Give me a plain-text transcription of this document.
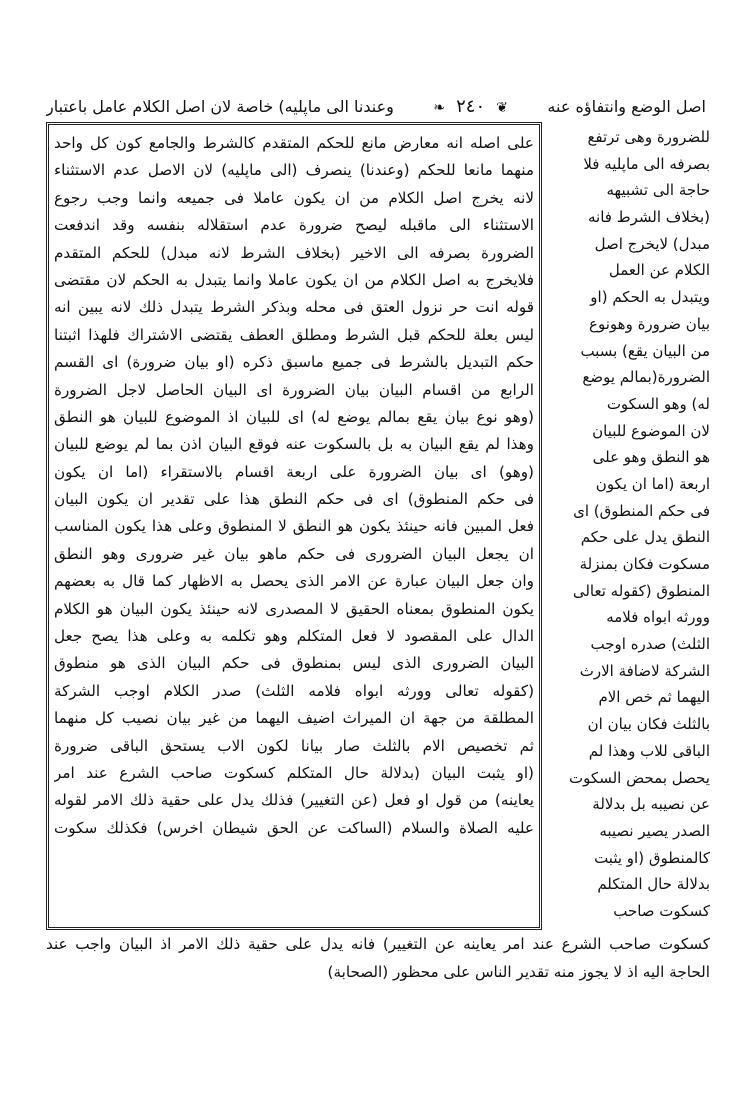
اصل الوضع وانتفاؤه عنه
❦ ٢٤٠ ❧
وعندنا الى ماپليه) خاصة لان اصل الكلام عامل باعتبار
على اصله انه معارض مانع للحكم المتقدم كالشرط والجامع كون كل واحد
منهما مانعا للحكم (وعندنا) ينصرف (الى ماپليه) لان الاصل عدم الاستثناء
لانه يخرج اصل الكلام من ان يكون عاملا فى جميعه وانما وجب رجوع
الاستثناء الى ماقبله ليصح ضرورة عدم استقلاله بنفسه وقد اندفعت
الضرورة بصرفه الى الاخير (بخلاف الشرط لانه مبدل) للحكم المتقدم
فلايخرج به اصل الكلام من ان يكون عاملا وانما يتبدل به الحكم لان مقتضى
قوله انت حر نزول العتق فى محله وبذكر الشرط يتبدل ذلك لانه يبين انه
ليس بعلة للحكم قبل الشرط ومطلق العطف يقتضى الاشتراك فلهذا اثبتنا
حكم التبديل بالشرط فى جميع ماسبق ذكره (او بيان ضرورة) اى القسم
الرابع من اقسام البيان بيان الضرورة اى البيان الحاصل لاجل الضرورة
(وهو نوع بيان يقع بمالم يوضع له) اى للبيان اذ الموضوع للبيان هو النطق
وهذا لم يقع البيان به بل بالسكوت عنه فوقع البيان اذن بما لم يوضع للبيان
(وهو) اى بيان الضرورة على اربعة اقسام بالاستقراء (اما ان يكون
فى حكم المنطوق) اى فى حكم النطق هذا على تقدير ان يكون البيان
فعل المبين فانه حينئذ يكون هو النطق لا المنطوق وعلى هذا يكون المناسب
ان يجعل البيان الضرورى فى حكم ماهو بيان غير ضرورى وهو النطق
وان جعل البيان عبارة عن الامر الذى يحصل به الاظهار كما قال به بعضهم
يكون المنطوق بمعناه الحقيق لا المصدرى لانه حينئذ يكون البيان هو الكلام
الدال على المقصود لا فعل المتكلم وهو تكلمه به وعلى هذا يصح جعل
البيان الضرورى الذى ليس بمنطوق فى حكم البيان الذى هو منطوق
(كقوله تعالى وورثه ابواه فلامه الثلث) صدر الكلام اوجب الشركة
المطلقة من جهة ان الميراث اضيف اليهما من غير بيان نصيب كل منهما
ثم تخصيص الام بالثلث صار بيانا لكون الاب يستحق الباقى ضرورة
(او يثبت البيان (بدلالة حال المتكلم كسكوت صاحب الشرع عند امر
يعاينه) من قول او فعل (عن التغيير) فذلك يدل على حقية ذلك الامر لقوله
عليه الصلاة والسلام (الساكت عن الحق شيطان اخرس) فكذلك سكوت
للضرورة وهى ترتفع
بصرفه الى ماپليه فلا
حاجة الى تشبيهه
(بخلاف الشرط فانه
مبدل) لايخرج اصل
الكلام عن العمل
ويتبدل به الحكم (او
بيان ضرورة وهونوع
من البيان يقع) بسبب
الضرورة(بمالم يوضع
له) وهو السكوت
لان الموضوع للبيان
هو النطق وهو على
اربعة (اما ان يكون
فى حكم المنطوق) اى
النطق يدل على حكم
مسكوت فكان بمنزلة
المنطوق (كقوله تعالى
وورثه ابواه فلامه
الثلث) صدره اوجب
الشركة لاضافة الارث
اليهما ثم خص الام
بالثلث فكان بيان ان
الباقى للاب وهذا لم
يحصل بمحض السكوت
عن نصيبه بل بدلالة
الصدر يصير نصيبه
كالمنطوق (او يثبت
بدلالة حال المتكلم
كسكوت صاحب
كسكوت صاحب الشرع عند امر يعاينه عن التغيير) فانه يدل على حقية ذلك الامر اذ البيان واجب عند
الحاجة اليه اذ لا يجوز منه تقدير الناس على محظور (الصحابة)
